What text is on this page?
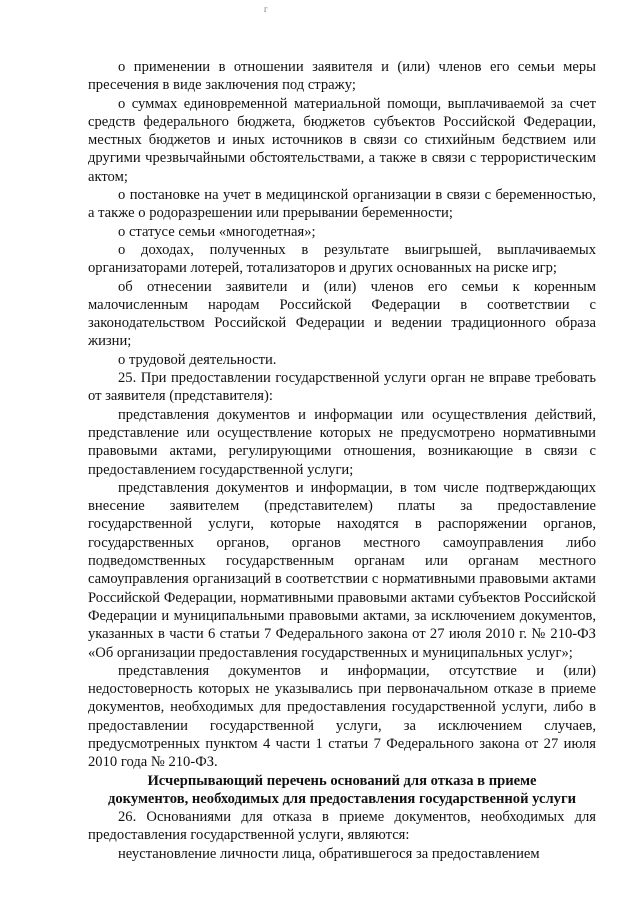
г

о применении в отношении заявителя и (или) членов его семьи меры пресечения в виде заключения под стражу;

о суммах единовременной материальной помощи, выплачиваемой за счет средств федерального бюджета, бюджетов субъектов Российской Федерации, местных бюджетов и иных источников в связи со стихийным бедствием или другими чрезвычайными обстоятельствами, а также в связи с террористическим актом;

о постановке на учет в медицинской организации в связи с беременностью, а также о родоразрешении или прерывании беременности;

о статусе семьи «многодетная»;

о доходах, полученных в результате выигрышей, выплачиваемых организаторами лотерей, тотализаторов и других основанных на риске игр;

об отнесении заявители и (или) членов его семьи к коренным малочисленным народам Российской Федерации в соответствии с законодательством Российской Федерации и ведении традиционного образа жизни;

о трудовой деятельности.

25. При предоставлении государственной услуги орган не вправе требовать от заявителя (представителя):

представления документов и информации или осуществления действий, представление или осуществление которых не предусмотрено нормативными правовыми актами, регулирующими отношения, возникающие в связи с предоставлением государственной услуги;

представления документов и информации, в том числе подтверждающих внесение заявителем (представителем) платы за предоставление государственной услуги, которые находятся в распоряжении органов, государственных органов, органов местного самоуправления либо подведомственных государственным органам или органам местного самоуправления организаций в соответствии с нормативными правовыми актами Российской Федерации, нормативными правовыми актами субъектов Российской Федерации и муниципальными правовыми актами, за исключением документов, указанных в части 6 статьи 7 Федерального закона от 27 июля 2010 г. № 210-ФЗ «Об организации предоставления государственных и муниципальных услуг»;

представления документов и информации, отсутствие и (или) недостоверность которых не указывались при первоначальном отказе в приеме документов, необходимых для предоставления государственной услуги, либо в предоставлении государственной услуги, за исключением случаев, предусмотренных пунктом 4 части 1 статьи 7 Федерального закона от 27 июля 2010 года № 210-ФЗ.

Исчерпывающий перечень оснований для отказа в приеме

документов, необходимых для предоставления государственной услуги

26. Основаниями для отказа в приеме документов, необходимых для предоставления государственной услуги, являются:

неустановление личности лица, обратившегося за предоставлением
